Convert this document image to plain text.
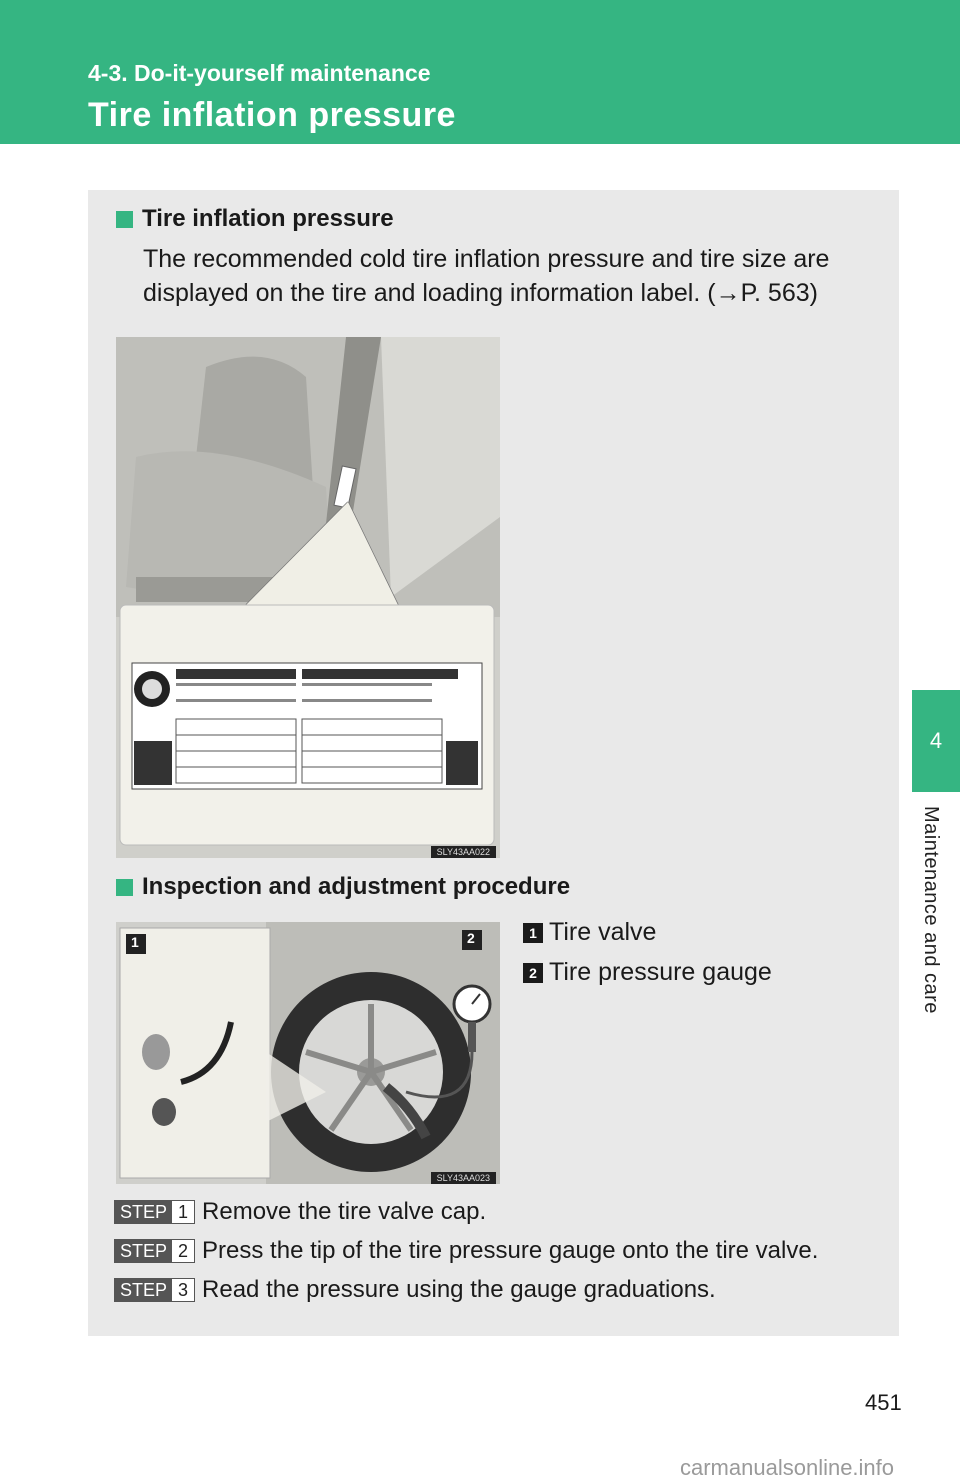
4-3. Do-it-yourself maintenance
Tire inflation pressure
4
Maintenance and care
Tire inflation pressure
The recommended cold tire inflation pressure and tire size are displayed on the tire and loading information label. (→P. 563)
SLY43AA022
Inspection and adjustment procedure
1	2
SLY43AA023
1 Tire valve
2 Tire pressure gauge
STEP 1 Remove the tire valve cap.
STEP 2 Press the tip of the tire pressure gauge onto the tire valve.
STEP 3 Read the pressure using the gauge graduations.
451
carmanualsonline.info
